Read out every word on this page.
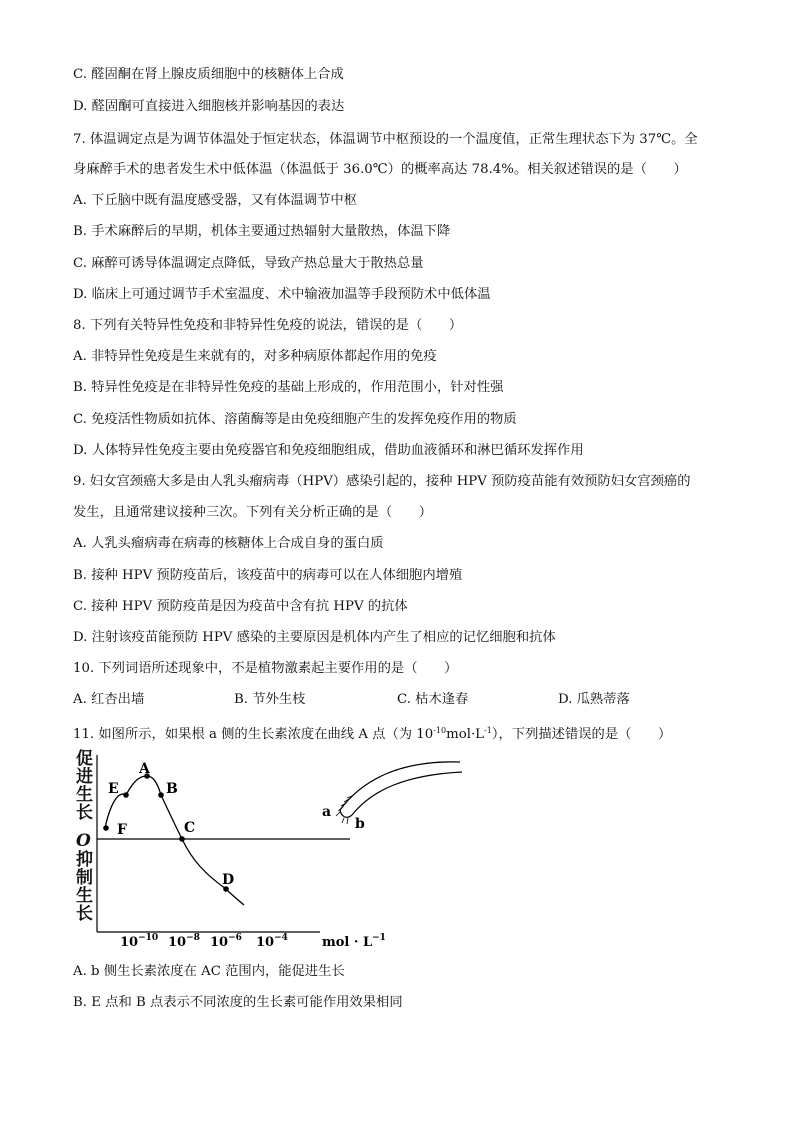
C. 醛固酮在肾上腺皮质细胞中的核糖体上合成
D. 醛固酮可直接进入细胞核并影响基因的表达
7. 体温调定点是为调节体温处于恒定状态，体温调节中枢预设的一个温度值，正常生理状态下为 37℃。全
身麻醉手术的患者发生术中低体温（体温低于 36.0℃）的概率高达 78.4%。相关叙述错误的是（　　）
A. 下丘脑中既有温度感受器，又有体温调节中枢
B. 手术麻醉后的早期，机体主要通过热辐射大量散热，体温下降
C. 麻醉可诱导体温调定点降低，导致产热总量大于散热总量
D. 临床上可通过调节手术室温度、术中输液加温等手段预防术中低体温
8. 下列有关特异性免疫和非特异性免疫的说法，错误的是（　　）
A. 非特异性免疫是生来就有的，对多种病原体都起作用的免疫
B. 特异性免疫是在非特异性免疫的基础上形成的，作用范围小，针对性强
C. 免疫活性物质如抗体、溶菌酶等是由免疫细胞产生的发挥免疫作用的物质
D. 人体特异性免疫主要由免疫器官和免疫细胞组成，借助血液循环和淋巴循环发挥作用
9. 妇女宫颈癌大多是由人乳头瘤病毒（HPV）感染引起的，接种 HPV 预防疫苗能有效预防妇女宫颈癌的
发生，且通常建议接种三次。下列有关分析正确的是（　　）
A. 人乳头瘤病毒在病毒的核糖体上合成自身的蛋白质
B. 接种 HPV 预防疫苗后，该疫苗中的病毒可以在人体细胞内增殖
C. 接种 HPV 预防疫苗是因为疫苗中含有抗 HPV 的抗体
D. 注射该疫苗能预防 HPV 感染的主要原因是机体内产生了相应的记忆细胞和抗体
10. 下列词语所述现象中，不是植物激素起主要作用的是（　　）
A. 红杏出墙	B. 节外生枝	C. 枯木逢春	D. 瓜熟蒂落
11. 如图所示，如果根 a 侧的生长素浓度在曲线 A 点（为 $10^{-10}mol\cdot L^{-1}$），下列描述错误的是（　　）
促
进
生
长
O
抑
制
生
长
A
E	B
F	C
D
$10^{-10}$ $10^{-8}$ $10^{-6}$ $10^{-4}$	mol · $L^{-1}$
a
b
A. b 侧生长素浓度在 AC 范围内，能促进生长
B. E 点和 B 点表示不同浓度的生长素可能作用效果相同
